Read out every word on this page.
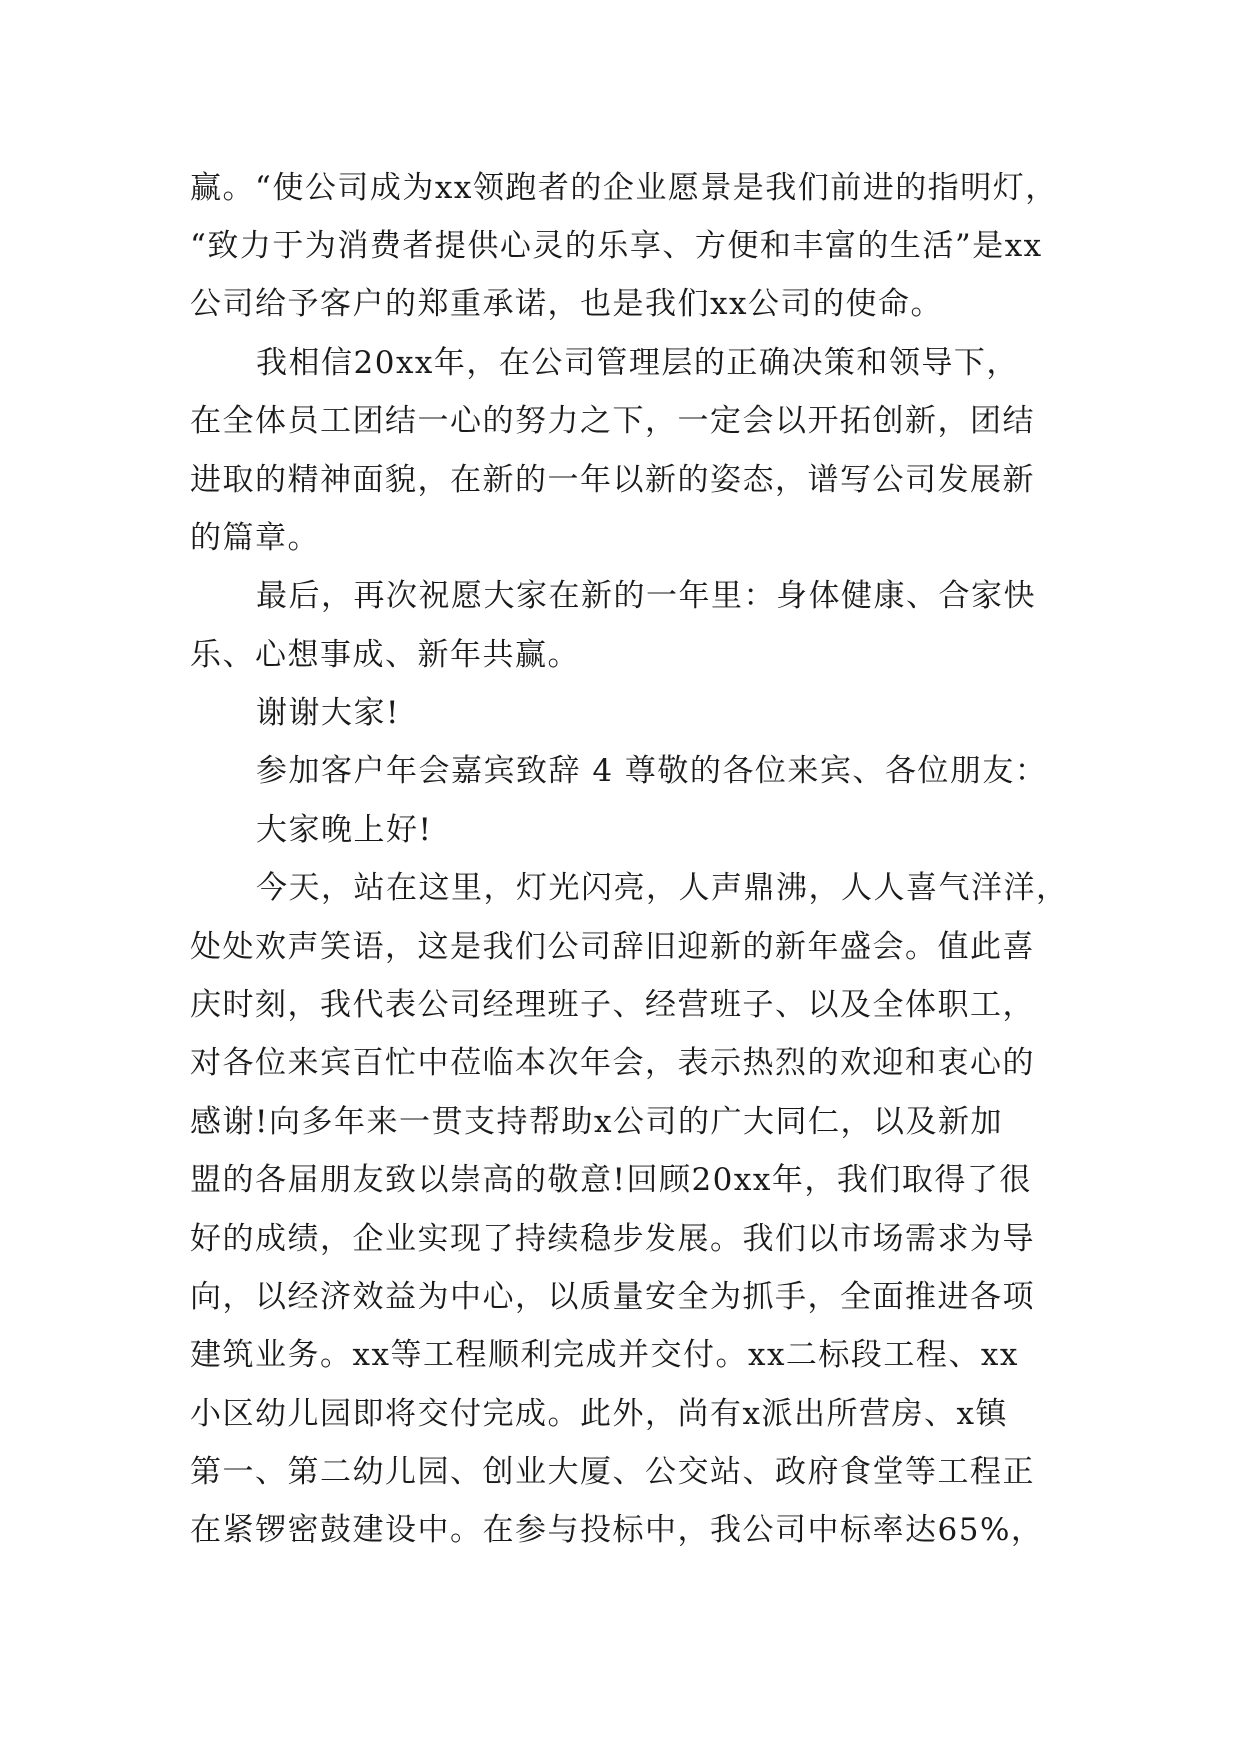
赢。“使公司成为xx领跑者的企业愿景是我们前进的指明灯，
“致力于为消费者提供心灵的乐享、方便和丰富的生活”是xx
公司给予客户的郑重承诺，也是我们xx公司的使命。
我相信20xx年，在公司管理层的正确决策和领导下，
在全体员工团结一心的努力之下，一定会以开拓创新，团结
进取的精神面貌，在新的一年以新的姿态，谱写公司发展新
的篇章。
最后，再次祝愿大家在新的一年里：身体健康、合家快
乐、心想事成、新年共赢。
谢谢大家!
参加客户年会嘉宾致辞 4 尊敬的各位来宾、各位朋友：
大家晚上好!
今天，站在这里，灯光闪亮，人声鼎沸，人人喜气洋洋，
处处欢声笑语，这是我们公司辞旧迎新的新年盛会。值此喜
庆时刻，我代表公司经理班子、经营班子、以及全体职工，
对各位来宾百忙中莅临本次年会，表示热烈的欢迎和衷心的
感谢!向多年来一贯支持帮助x公司的广大同仁，以及新加
盟的各届朋友致以崇高的敬意!回顾20xx年，我们取得了很
好的成绩，企业实现了持续稳步发展。我们以市场需求为导
向，以经济效益为中心，以质量安全为抓手，全面推进各项
建筑业务。xx等工程顺利完成并交付。xx二标段工程、xx
小区幼儿园即将交付完成。此外，尚有x派出所营房、x镇
第一、第二幼儿园、创业大厦、公交站、政府食堂等工程正
在紧锣密鼓建设中。在参与投标中，我公司中标率达65%，
